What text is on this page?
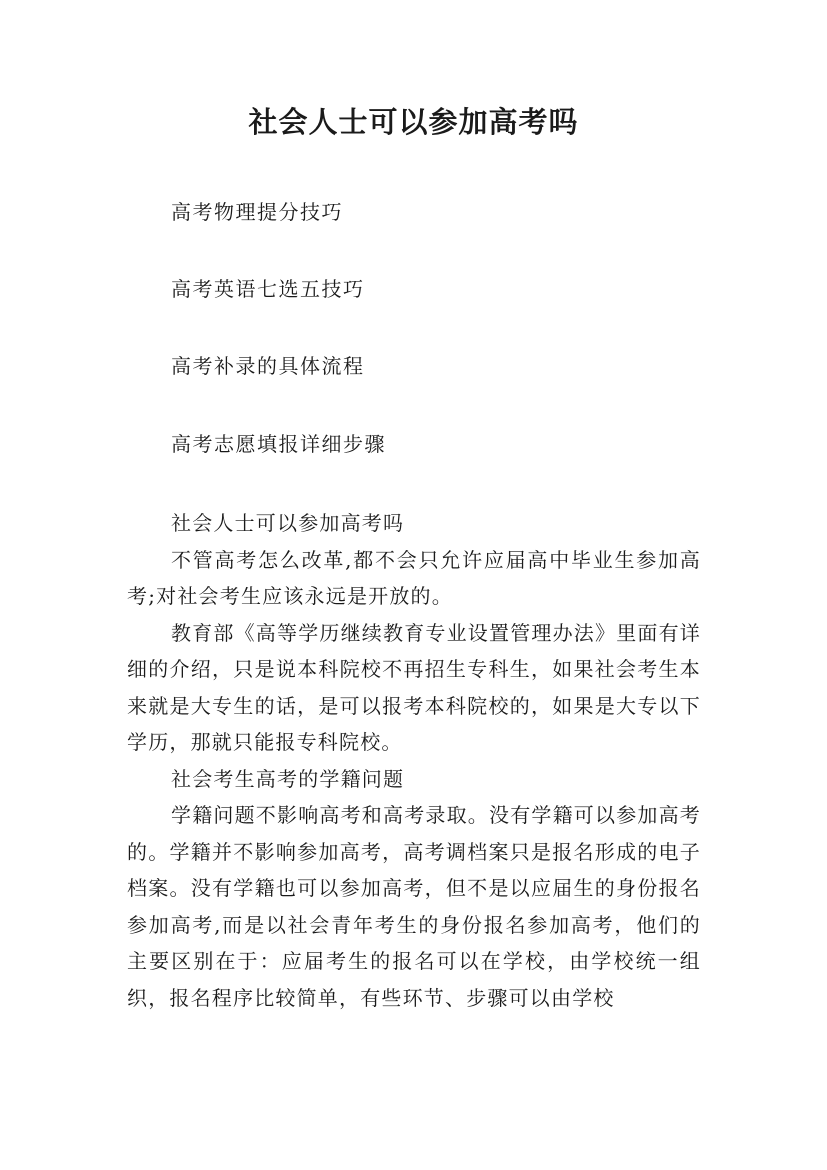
社会人士可以参加高考吗
高考物理提分技巧
高考英语七选五技巧
高考补录的具体流程
高考志愿填报详细步骤

社会人士可以参加高考吗

不管高考怎么改革,都不会只允许应届高中毕业生参加高考;对社会考生应该永远是开放的。

教育部《高等学历继续教育专业设置管理办法》里面有详细的介绍，只是说本科院校不再招生专科生，如果社会考生本来就是大专生的话，是可以报考本科院校的，如果是大专以下学历，那就只能报专科院校。

社会考生高考的学籍问题

学籍问题不影响高考和高考录取。没有学籍可以参加高考的。学籍并不影响参加高考，高考调档案只是报名形成的电子档案。没有学籍也可以参加高考，但不是以应届生的身份报名参加高考,而是以社会青年考生的身份报名参加高考，他们的主要区别在于：应届考生的报名可以在学校，由学校统一组织，报名程序比较简单，有些环节、步骤可以由学校
